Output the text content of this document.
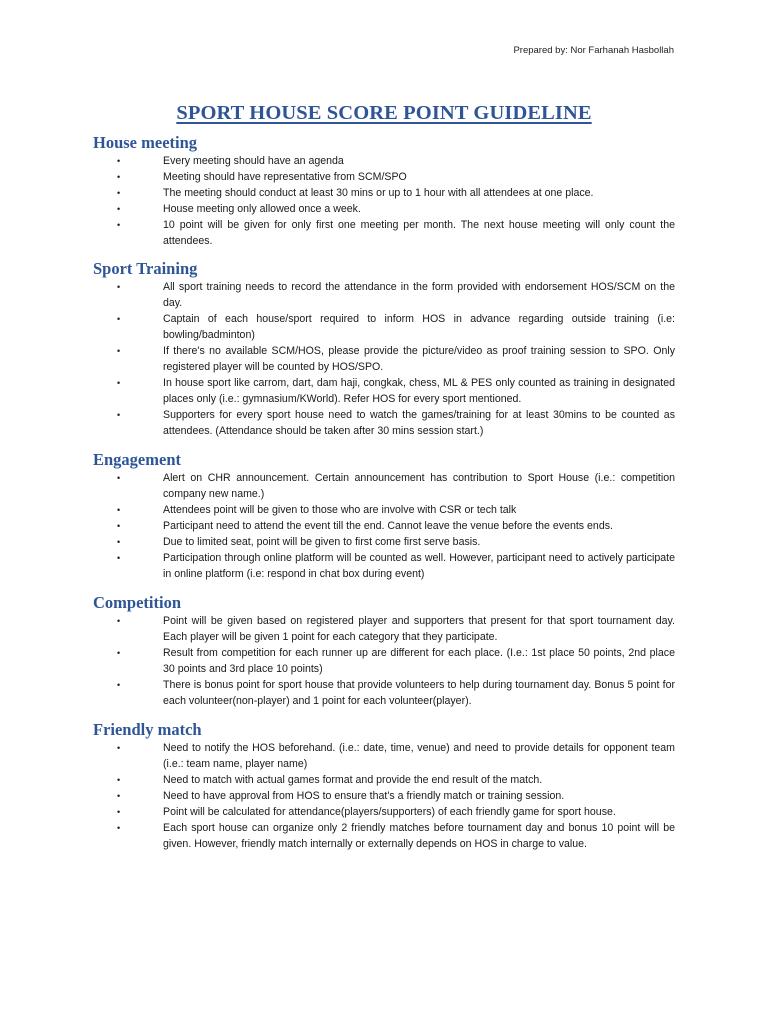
Prepared by: Nor Farhanah Hasbollah
SPORT HOUSE SCORE POINT GUIDELINE
House meeting
•	Every meeting should have an agenda
•	Meeting should have representative from SCM/SPO
•	The meeting should conduct at least 30 mins or up to 1 hour with all attendees at one place.
•	House meeting only allowed once a week.
•	10 point will be given for only first one meeting per month. The next house meeting will only count the attendees.
Sport Training
•	All sport training needs to record the attendance in the form provided with endorsement HOS/SCM on the day.
•	Captain of each house/sport required to inform HOS in advance regarding outside training (i.e: bowling/badminton)
•	If there's no available SCM/HOS, please provide the picture/video as proof training session to SPO. Only registered player will be counted by HOS/SPO.
•	In house sport like carrom, dart, dam haji, congkak, chess, ML & PES only counted as training in designated places only (i.e.: gymnasium/KWorld). Refer HOS for every sport mentioned.
•	Supporters for every sport house need to watch the games/training for at least 30mins to be counted as attendees. (Attendance should be taken after 30 mins session start.)
Engagement
•	Alert on CHR announcement. Certain announcement has contribution to Sport House (i.e.: competition company new name.)
•	Attendees point will be given to those who are involve with CSR or tech talk
•	Participant need to attend the event till the end. Cannot leave the venue before the events ends.
•	Due to limited seat, point will be given to first come first serve basis.
•	Participation through online platform will be counted as well. However, participant need to actively participate in online platform (i.e: respond in chat box during event)
Competition
•	Point will be given based on registered player and supporters that present for that sport tournament day. Each player will be given 1 point for each category that they participate.
•	Result from competition for each runner up are different for each place. (I.e.: 1st place 50 points, 2nd place 30 points and 3rd place 10 points)
•	There is bonus point for sport house that provide volunteers to help during tournament day. Bonus 5 point for each volunteer(non-player) and 1 point for each volunteer(player).
Friendly match
•	Need to notify the HOS beforehand. (i.e.: date, time, venue) and need to provide details for opponent team (i.e.: team name, player name)
•	Need to match with actual games format and provide the end result of the match.
•	Need to have approval from HOS to ensure that's a friendly match or training session.
•	Point will be calculated for attendance(players/supporters) of each friendly game for sport house.
•	Each sport house can organize only 2 friendly matches before tournament day and bonus 10 point will be given. However, friendly match internally or externally depends on HOS in charge to value.
